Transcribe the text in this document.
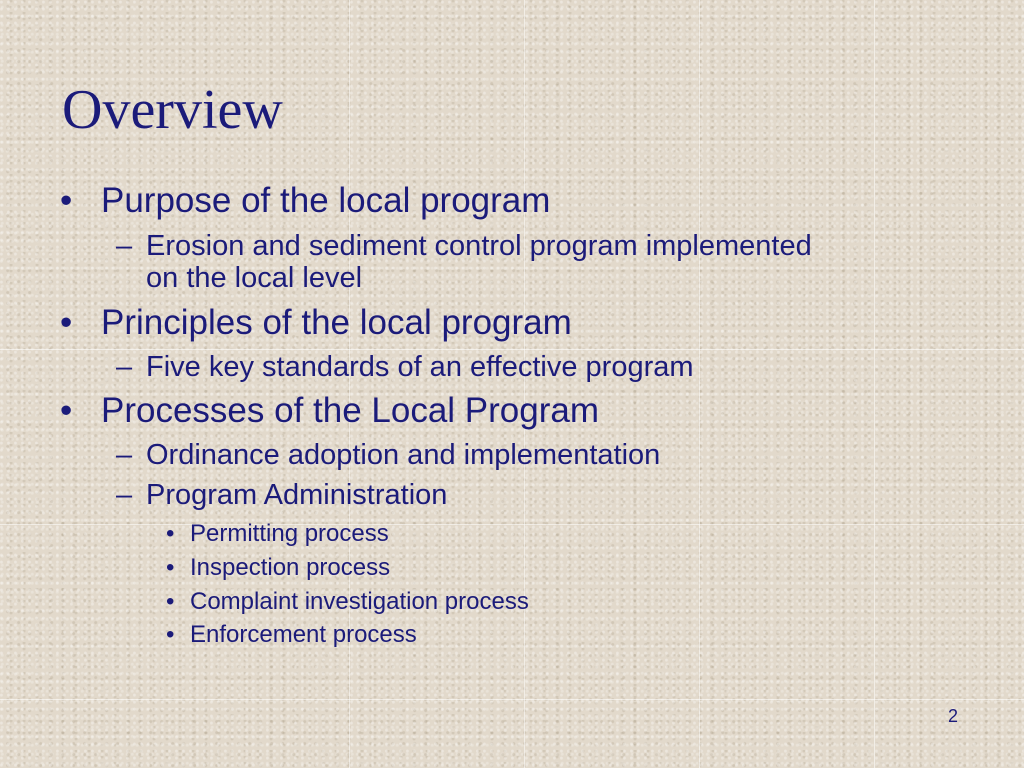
Overview
• Purpose of the local program
– Erosion and sediment control program implemented
on the local level
• Principles of the local program
– Five key standards of an effective program
• Processes of the Local Program
– Ordinance adoption and implementation
– Program Administration
• Permitting process
• Inspection process
• Complaint investigation process
• Enforcement process
2
